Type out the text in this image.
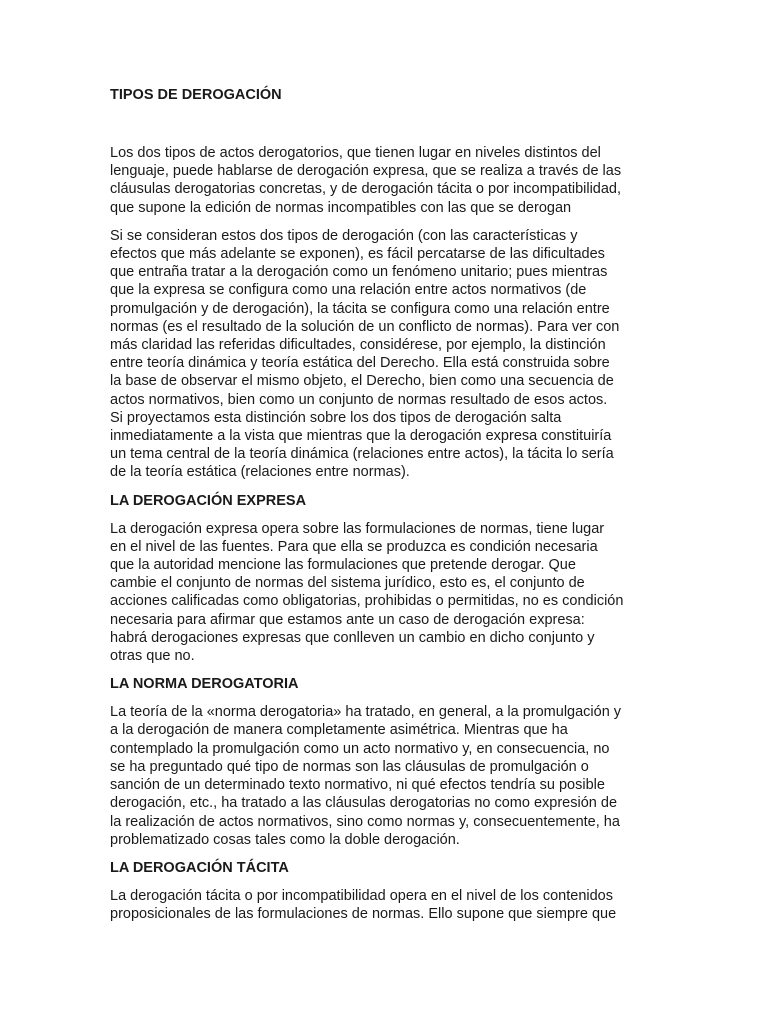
TIPOS DE DEROGACIÓN

Los dos tipos de actos derogatorios, que tienen lugar en niveles distintos del
lenguaje, puede hablarse de derogación expresa, que se realiza a través de las
cláusulas derogatorias concretas, y de derogación tácita o por incompatibilidad,
que supone la edición de normas incompatibles con las que se derogan

Si se consideran estos dos tipos de derogación (con las características y
efectos que más adelante se exponen), es fácil percatarse de las dificultades
que entraña tratar a la derogación como un fenómeno unitario; pues mientras
que la expresa se configura como una relación entre actos normativos (de
promulgación y de derogación), la tácita se configura como una relación entre
normas (es el resultado de la solución de un conflicto de normas). Para ver con
más claridad las referidas dificultades, considérese, por ejemplo, la distinción
entre teoría dinámica y teoría estática del Derecho. Ella está construida sobre
la base de observar el mismo objeto, el Derecho, bien como una secuencia de
actos normativos, bien como un conjunto de normas resultado de esos actos.
Si proyectamos esta distinción sobre los dos tipos de derogación salta
inmediatamente a la vista que mientras que la derogación expresa constituiría
un tema central de la teoría dinámica (relaciones entre actos), la tácita lo sería
de la teoría estática (relaciones entre normas).

LA DEROGACIÓN EXPRESA

La derogación expresa opera sobre las formulaciones de normas, tiene lugar
en el nivel de las fuentes. Para que ella se produzca es condición necesaria
que la autoridad mencione las formulaciones que pretende derogar. Que
cambie el conjunto de normas del sistema jurídico, esto es, el conjunto de
acciones calificadas como obligatorias, prohibidas o permitidas, no es condición
necesaria para afirmar que estamos ante un caso de derogación expresa:
habrá derogaciones expresas que conlleven un cambio en dicho conjunto y
otras que no.

LA NORMA DEROGATORIA

La teoría de la «norma derogatoria» ha tratado, en general, a la promulgación y
a la derogación de manera completamente asimétrica. Mientras que ha
contemplado la promulgación como un acto normativo y, en consecuencia, no
se ha preguntado qué tipo de normas son las cláusulas de promulgación o
sanción de un determinado texto normativo, ni qué efectos tendría su posible
derogación, etc., ha tratado a las cláusulas derogatorias no como expresión de
la realización de actos normativos, sino como normas y, consecuentemente, ha
problematizado cosas tales como la doble derogación.

LA DEROGACIÓN TÁCITA

La derogación tácita o por incompatibilidad opera en el nivel de los contenidos
proposicionales de las formulaciones de normas. Ello supone que siempre que
